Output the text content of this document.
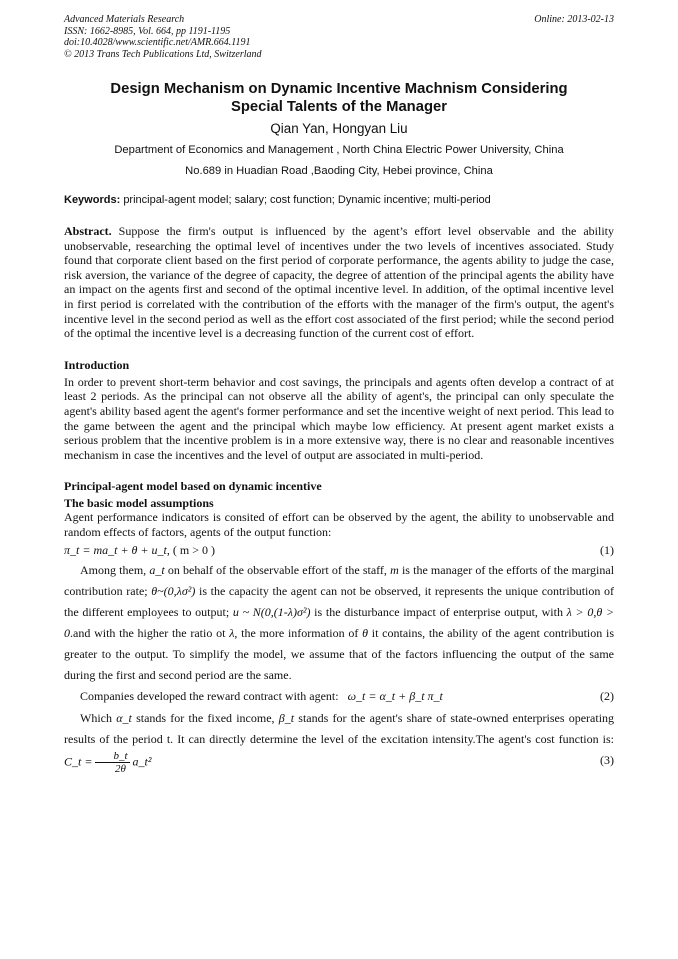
Advanced Materials Research
ISSN: 1662-8985, Vol. 664, pp 1191-1195
doi:10.4028/www.scientific.net/AMR.664.1191
© 2013 Trans Tech Publications Ltd, Switzerland
Online: 2013-02-13
Design Mechanism on Dynamic Incentive Machnism Considering
Special Talents of the Manager
Qian Yan, Hongyan Liu
Department of Economics and Management , North China Electric Power University, China
No.689 in Huadian Road ,Baoding City, Hebei province, China
Keywords: principal-agent model; salary; cost function; Dynamic incentive; multi-period

Abstract. Suppose the firm's output is influenced by the agent’s effort level observable and the ability unobservable, researching the optimal level of incentives under the two levels of incentives associated. Study found that corporate client based on the first period of corporate performance, the agents ability to judge the case, risk aversion, the variance of the degree of capacity, the degree of attention of the principal agents the ability have an impact on the agents first and second of the optimal incentive level. In addition, of the optimal incentive level in first period is correlated with the contribution of the efforts with the manager of the firm's output, the agent's incentive level in the second period as well as the effort cost associated of the first period; while the second period of the optimal the incentive level is a decreasing function of the current cost of effort.

Introduction

In order to prevent short-term behavior and cost savings, the principals and agents often develop a contract of at least 2 periods. As the principal can not observe all the ability of agent's, the principal can only speculate the agent's ability based agent the agent's former performance and set the incentive weight of next period. This lead to the game between the agent and the principal which maybe low efficiency. At present agent market exists a serious problem that the incentive problem is in a more extensive way, there is no clear and reasonable incentives mechanism in case the incentives and the level of output are associated in multi-period.

Principal-agent model based on dynamic incentive
The basic model assumptions

Agent performance indicators is consited of effort can be observed by the agent, the ability to unobservable and random effects of factors, agents of the output function:

π_t = ma_t + θ + u_t, ( m > 0 )	(1)

Among them, a_t on behalf of the observable effort of the staff, m is the manager of the efforts of the marginal contribution rate; θ~(0,λσ²) is the capacity the agent can not be observed, it represents the unique contribution of the different employees to output; u ~ N(0,(1-λ)σ²) is the disturbance impact of enterprise output, with λ > 0,θ > 0.and with the higher the ratio ot λ, the more information of θ it contains, the ability of the agent contribution is greater to the output. To simplify the model, we assume that of the factors influencing the output of the same during the first and second period are the same.

Companies developed the reward contract with agent: ω_t = α_t + β_t π_t	(2)

Which α_t stands for the fixed income, β_t stands for the agent's share of state-owned enterprises operating results of the period t. It can directly determine the level of the excitation intensity.The agent's cost function is: C_t = $\frac{b\_t}{2\theta}$ a_t²	(3)
